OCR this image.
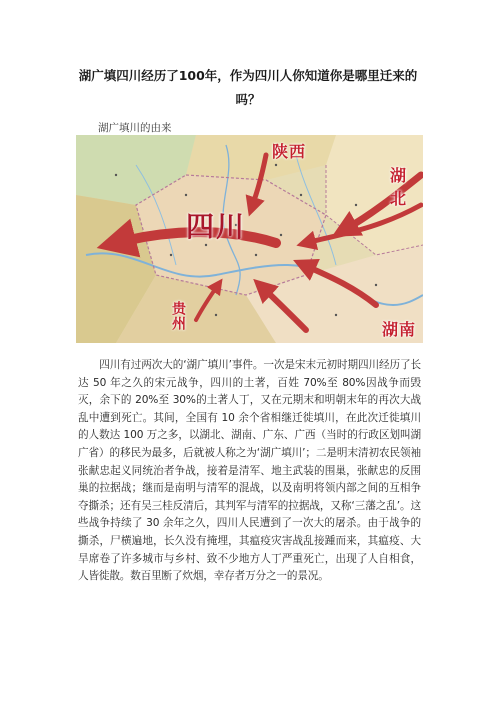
湖广填四川经历了100年，作为四川人你知道你是哪里迁来的吗？
湖广填川的由来
陕西
湖北
四川
湖南
贵州
四川有过两次大的‘湖广填川’事件。一次是宋末元初时期四川经历了长达 50 年之久的宋元战争，四川的土著，百姓 70%至 80%因战争而毁灭，余下的 20%至 30%的土著人丁，又在元期末和明朝末年的再次大战乱中遭到死亡。其间，全国有 10 余个省相继迁徙填川，在此次迁徙填川的人数达 100 万之多，以湖北、湖南、广东、广西（当时的行政区划叫湖广省）的移民为最多，后就被人称之为‘湖广填川’；二是明末清初农民领袖张献忠起义同统治者争战，接着是清军、地主武装的围巢，张献忠的反围巢的拉据战；继而是南明与清军的混战，以及南明将领内部之间的互相争夺撕杀；还有吴三桂反清后，其判军与清军的拉据战，又称‘三藩之乱’。这些战争持续了 30 余年之久，四川人民遭到了一次大的屠杀。由于战争的撕杀，尸横遍地，长久没有掩埋，其瘟疫灾害战乱接踵而来，其瘟疫、大旱席卷了许多城市与乡村、致不少地方人丁严重死亡，出现了人自相食，人皆徙散。数百里断了炊烟，幸存者万分之一的景况。
